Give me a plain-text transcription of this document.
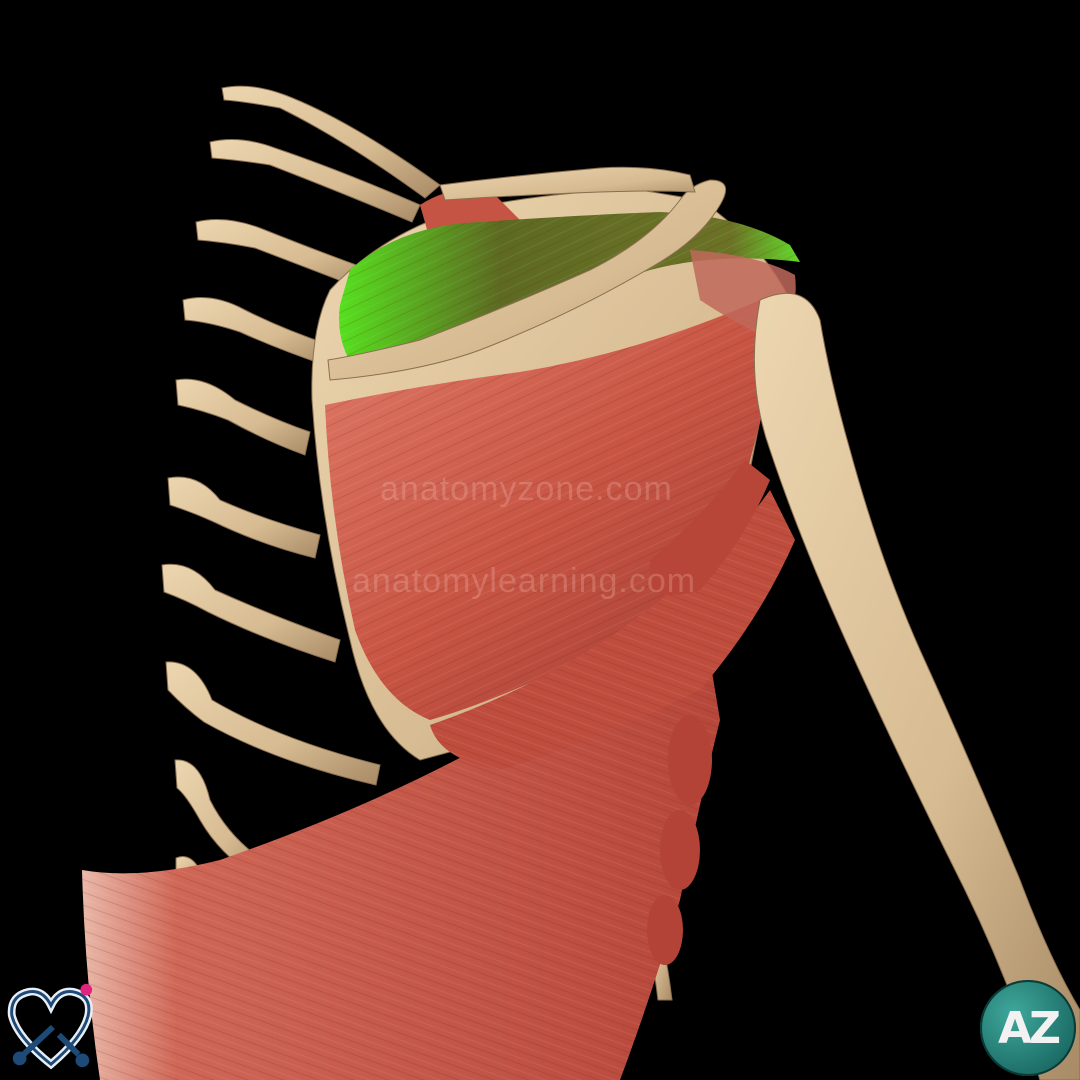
anatomyzone.com
anatomylearning.com
AZ
